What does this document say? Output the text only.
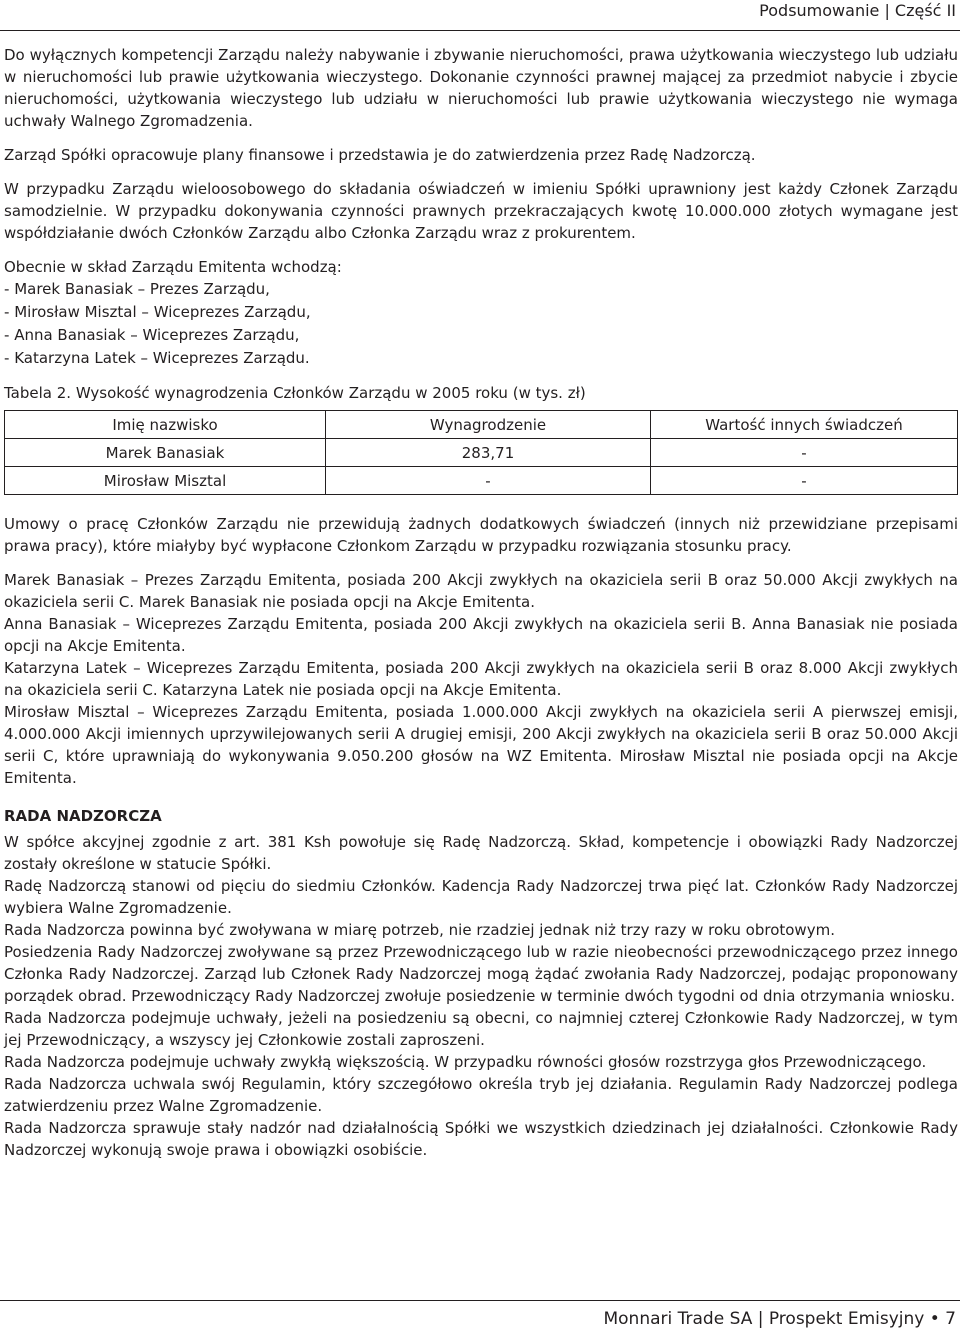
Podsumowanie | Część II

Do wyłącznych kompetencji Zarządu należy nabywanie i zbywanie nieruchomości, prawa użytkowania wieczystego lub udziału w nieruchomości lub prawie użytkowania wieczystego. Dokonanie czynności prawnej mającej za przedmiot nabycie i zbycie nieruchomości, użytkowania wieczystego lub udziału w nieruchomości lub prawie użytkowania wieczystego nie wymaga uchwały Walnego Zgromadzenia.

Zarząd Spółki opracowuje plany finansowe i przedstawia je do zatwierdzenia przez Radę Nadzorczą.

W przypadku Zarządu wieloosobowego do składania oświadczeń w imieniu Spółki uprawniony jest każdy Członek Zarządu samodzielnie. W przypadku dokonywania czynności prawnych przekraczających kwotę 10.000.000 złotych wymagane jest współdziałanie dwóch Członków Zarządu albo Członka Zarządu wraz z prokurentem.

Obecnie w skład Zarządu Emitenta wchodzą:

- Marek Banasiak – Prezes Zarządu,
- Mirosław Misztal – Wiceprezes Zarządu,
- Anna Banasiak – Wiceprezes Zarządu,
- Katarzyna Latek – Wiceprezes Zarządu.
Tabela 2. Wysokość wynagrodzenia Członków Zarządu w 2005 roku (w tys. zł)
Imię nazwisko	Wynagrodzenie	Wartość innych świadczeń
Marek Banasiak	283,71	-
Mirosław Misztal	-	-

Umowy o pracę Członków Zarządu nie przewidują żadnych dodatkowych świadczeń (innych niż przewidziane przepisami prawa pracy), które miałyby być wypłacone Członkom Zarządu w przypadku rozwiązania stosunku pracy.

Marek Banasiak – Prezes Zarządu Emitenta, posiada 200 Akcji zwykłych na okaziciela serii B oraz 50.000 Akcji zwykłych na okaziciela serii C. Marek Banasiak nie posiada opcji na Akcje Emitenta.

Anna Banasiak – Wiceprezes Zarządu Emitenta, posiada 200 Akcji zwykłych na okaziciela serii B. Anna Banasiak nie posiada opcji na Akcje Emitenta.

Katarzyna Latek – Wiceprezes Zarządu Emitenta, posiada 200 Akcji zwykłych na okaziciela serii B oraz 8.000 Akcji zwykłych na okaziciela serii C. Katarzyna Latek nie posiada opcji na Akcje Emitenta.

Mirosław Misztal – Wiceprezes Zarządu Emitenta, posiada 1.000.000 Akcji zwykłych na okaziciela serii A pierwszej emisji, 4.000.000 Akcji imiennych uprzywilejowanych serii A drugiej emisji, 200 Akcji zwykłych na okaziciela serii B oraz 50.000 Akcji serii C, które uprawniają do wykonywania 9.050.200 głosów na WZ Emitenta. Mirosław Misztal nie posiada opcji na Akcje Emitenta.

RADA NADZORCZA

W spółce akcyjnej zgodnie z art. 381 Ksh powołuje się Radę Nadzorczą. Skład, kompetencje i obowiązki Rady Nadzorczej zostały określone w statucie Spółki.

Radę Nadzorczą stanowi od pięciu do siedmiu Członków. Kadencja Rady Nadzorczej trwa pięć lat. Członków Rady Nadzorczej wybiera Walne Zgromadzenie.

Rada Nadzorcza powinna być zwoływana w miarę potrzeb, nie rzadziej jednak niż trzy razy w roku obrotowym.

Posiedzenia Rady Nadzorczej zwoływane są przez Przewodniczącego lub w razie nieobecności przewodniczącego przez innego Członka Rady Nadzorczej. Zarząd lub Członek Rady Nadzorczej mogą żądać zwołania Rady Nadzorczej, podając proponowany porządek obrad. Przewodniczący Rady Nadzorczej zwołuje posiedzenie w terminie dwóch tygodni od dnia otrzymania wniosku.

Rada Nadzorcza podejmuje uchwały, jeżeli na posiedzeniu są obecni, co najmniej czterej Członkowie Rady Nadzorczej, w tym jej Przewodniczący, a wszyscy jej Członkowie zostali zaproszeni.

Rada Nadzorcza podejmuje uchwały zwykłą większością. W przypadku równości głosów rozstrzyga głos Przewodniczącego.

Rada Nadzorcza uchwala swój Regulamin, który szczegółowo określa tryb jej działania. Regulamin Rady Nadzorczej podlega zatwierdzeniu przez Walne Zgromadzenie.

Rada Nadzorcza sprawuje stały nadzór nad działalnością Spółki we wszystkich dziedzinach jej działalności. Członkowie Rady Nadzorczej wykonują swoje prawa i obowiązki osobiście.

Monnari Trade SA | Prospekt Emisyjny • 7
